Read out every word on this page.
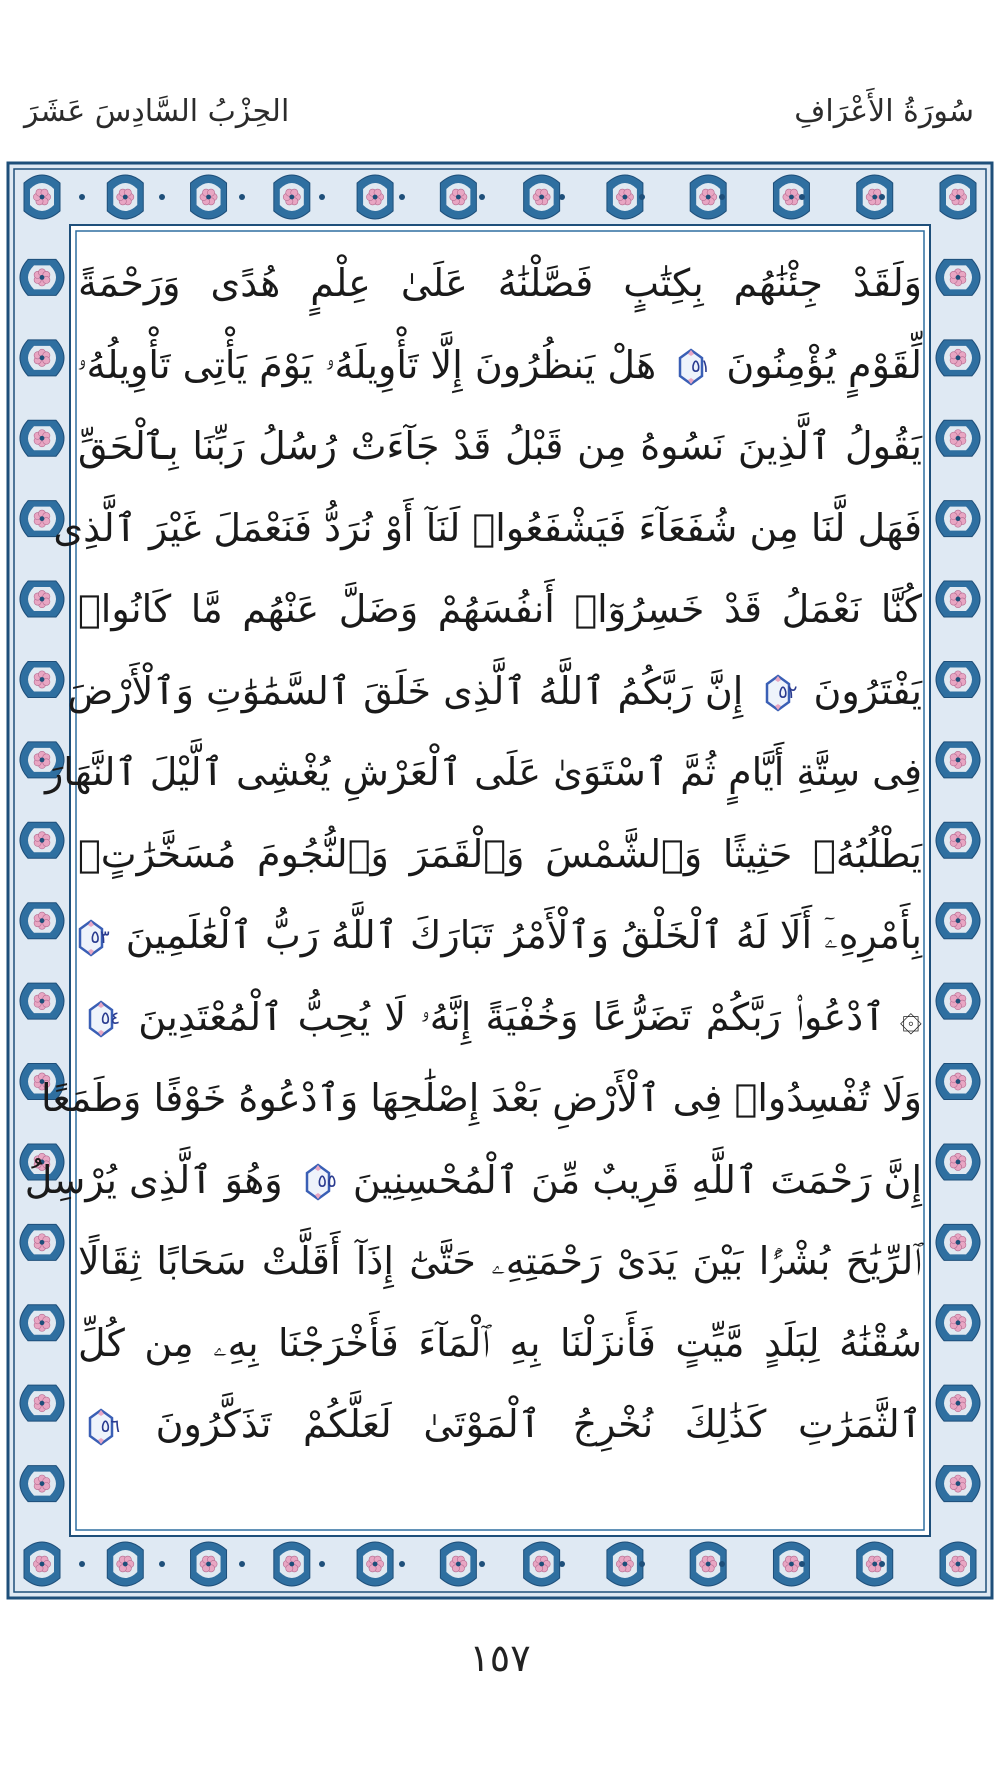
الحِزْبُ السَّادِسَ عَشَرَ	سُورَةُ الأَعْرَافِ
وَلَقَدْ جِئْنَٰهُم بِكِتَٰبٍ فَصَّلْنَٰهُ عَلَىٰ عِلْمٍ هُدًى وَرَحْمَةً
لِّقَوْمٍ يُؤْمِنُونَ
٥١ هَلْ يَنظُرُونَ إِلَّا تَأْوِيلَهُۥ يَوْمَ يَأْتِى تَأْوِيلُهُۥ
يَقُولُ ٱلَّذِينَ نَسُوهُ مِن قَبْلُ قَدْ جَآءَتْ رُسُلُ رَبِّنَا بِٱلْحَقِّ
فَهَل لَّنَا مِن شُفَعَآءَ فَيَشْفَعُوا۟ لَنَآ أَوْ نُرَدُّ فَنَعْمَلَ غَيْرَ ٱلَّذِى
كُنَّا نَعْمَلُ قَدْ خَسِرُوٓا۟ أَنفُسَهُمْ وَضَلَّ عَنْهُم مَّا كَانُوا۟
يَفْتَرُونَ
٥٢ إِنَّ رَبَّكُمُ ٱللَّهُ ٱلَّذِى خَلَقَ ٱلسَّمَٰوَٰتِ وَٱلْأَرْضَ
فِى سِتَّةِ أَيَّامٍ ثُمَّ ٱسْتَوَىٰ عَلَى ٱلْعَرْشِ يُغْشِى ٱلَّيْلَ ٱلنَّهَارَ
يَطْلُبُهُۥ حَثِيثًا وَٱلشَّمْسَ وَٱلْقَمَرَ وَٱلنُّجُومَ مُسَخَّرَٰتٍۭ
بِأَمْرِهِۦٓ أَلَا لَهُ ٱلْخَلْقُ وَٱلْأَمْرُ تَبَارَكَ ٱللَّهُ رَبُّ ٱلْعَٰلَمِينَ
٥٣
۞ ٱدْعُوا۟ رَبَّكُمْ تَضَرُّعًا وَخُفْيَةً إِنَّهُۥ لَا يُحِبُّ ٱلْمُعْتَدِينَ
٥٤
وَلَا تُفْسِدُوا۟ فِى ٱلْأَرْضِ بَعْدَ إِصْلَٰحِهَا وَٱدْعُوهُ خَوْفًا وَطَمَعًا
إِنَّ رَحْمَتَ ٱللَّهِ قَرِيبٌ مِّنَ ٱلْمُحْسِنِينَ
٥٥ وَهُوَ ٱلَّذِى يُرْسِلُ
ٱلرِّيَٰحَ بُشْرًۢا بَيْنَ يَدَىْ رَحْمَتِهِۦ حَتَّىٰٓ إِذَآ أَقَلَّتْ سَحَابًا ثِقَالًا
سُقْنَٰهُ لِبَلَدٍ مَّيِّتٍ فَأَنزَلْنَا بِهِ ٱلْمَآءَ فَأَخْرَجْنَا بِهِۦ مِن كُلِّ
ٱلثَّمَرَٰتِ كَذَٰلِكَ نُخْرِجُ ٱلْمَوْتَىٰ لَعَلَّكُمْ تَذَكَّرُونَ
٥٦
١٥٧
